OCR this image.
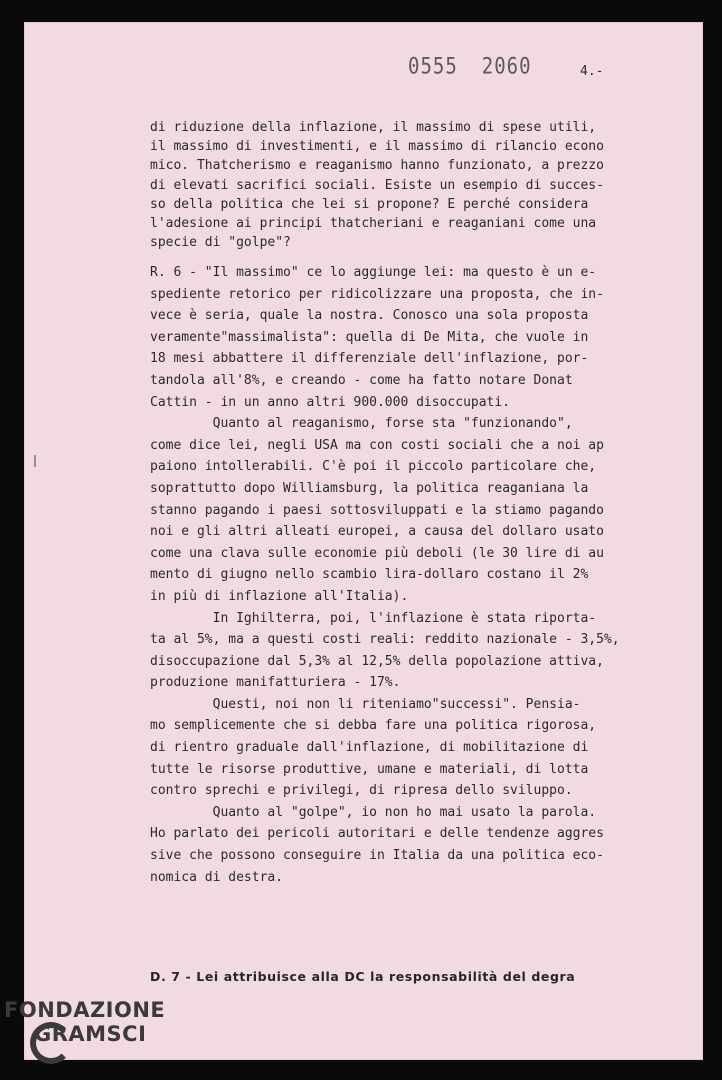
0555 2060	4.-
di riduzione della inflazione, il massimo di spese utili,
il massimo di investimenti, e il massimo di rilancio econo
mico. Thatcherismo e reaganismo hanno funzionato, a prezzo
di elevati sacrifici sociali. Esiste un esempio di succes-
so della politica che lei si propone? E perché considera
l'adesione ai principi thatcheriani e reaganiani come una
specie di "golpe"?
R. 6 - "Il massimo" ce lo aggiunge lei: ma questo è un e-
spediente retorico per ridicolizzare una proposta, che in-
vece è seria, quale la nostra. Conosco una sola proposta
veramente"massimalista": quella di De Mita, che vuole in
18 mesi abbattere il differenziale dell'inflazione, por-
tandola all'8%, e creando - come ha fatto notare Donat
Cattin - in un anno altri 900.000 disoccupati.
Quanto al reaganismo, forse sta "funzionando",
come dice lei, negli USA ma con costi sociali che a noi ap
paiono intollerabili. C'è poi il piccolo particolare che,
soprattutto dopo Williamsburg, la politica reaganiana la
stanno pagando i paesi sottosviluppati e la stiamo pagando
noi e gli altri alleati europei, a causa del dollaro usato
come una clava sulle economie più deboli (le 30 lire di au
mento di giugno nello scambio lira-dollaro costano il 2%
in più di inflazione all'Italia).
In Ighilterra, poi, l'inflazione è stata riporta-
ta al 5%, ma a questi costi reali: reddito nazionale - 3,5%,
disoccupazione dal 5,3% al 12,5% della popolazione attiva,
produzione manifatturiera - 17%.
Questi, noi non li riteniamo"successi". Pensia-
mo semplicemente che si debba fare una politica rigorosa,
di rientro graduale dall'inflazione, di mobilitazione di
tutte le risorse produttive, umane e materiali, di lotta
contro sprechi e privilegi, di ripresa dello sviluppo.
Quanto al "golpe", io non ho mai usato la parola.
Ho parlato dei pericoli autoritari e delle tendenze aggres
sive che possono conseguire in Italia da una politica eco-
nomica di destra.
D. 7 - Lei attribuisce alla DC la responsabilità del degra
FONDAZIONE
GRAMSCI
